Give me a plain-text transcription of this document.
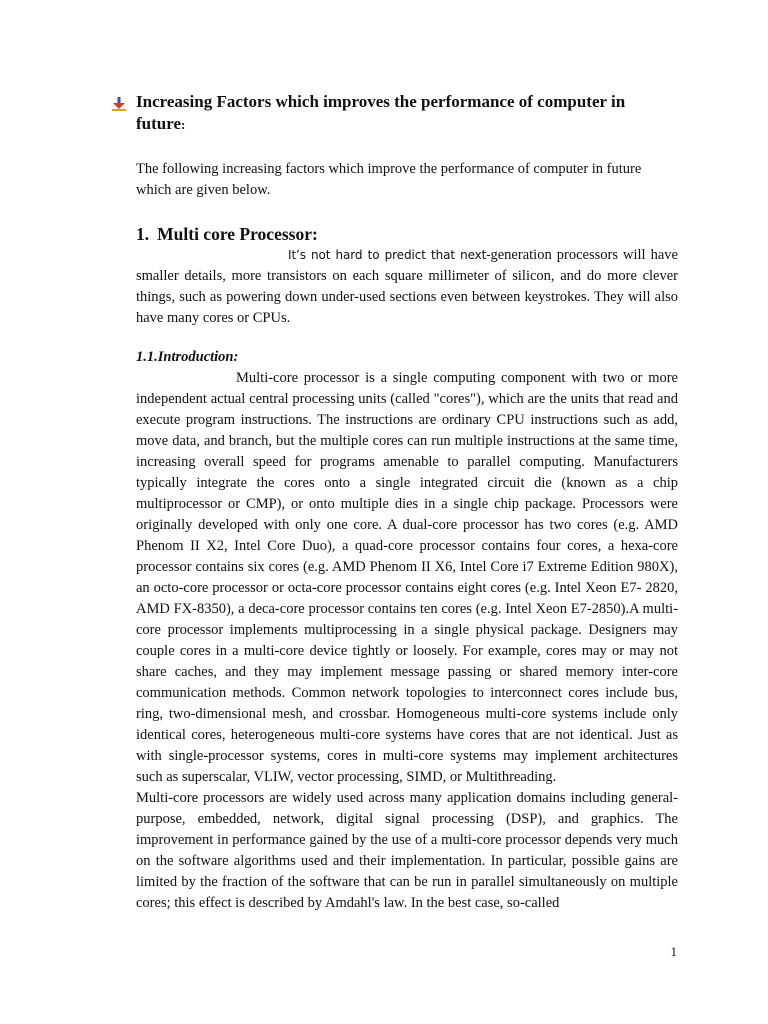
Increasing Factors which improves the performance of computer in future:

The following increasing factors which improve the performance of computer in future which are given below.

1. Multi core Processor:

It’s not hard to predict that next-generation processors will have smaller details, more transistors on each square millimeter of silicon, and do more clever things, such as powering down under-used sections even between keystrokes. They will also have many cores or CPUs.

1.1.Introduction:

Multi-core processor is a single computing component with two or more independent actual central processing units (called "cores"), which are the units that read and execute program instructions. The instructions are ordinary CPU instructions such as add, move data, and branch, but the multiple cores can run multiple instructions at the same time, increasing overall speed for programs amenable to parallel computing. Manufacturers typically integrate the cores onto a single integrated circuit die (known as a chip multiprocessor or CMP), or onto multiple dies in a single chip package. Processors were originally developed with only one core. A dual-core processor has two cores (e.g. AMD Phenom II X2, Intel Core Duo), a quad-core processor contains four cores, a hexa-core processor contains six cores (e.g. AMD Phenom II X6, Intel Core i7 Extreme Edition 980X), an octo-core processor or octa-core processor contains eight cores (e.g. Intel Xeon E7- 2820, AMD FX-8350), a deca-core processor contains ten cores (e.g. Intel Xeon E7-2850).A multi-core processor implements multiprocessing in a single physical package. Designers may couple cores in a multi-core device tightly or loosely. For example, cores may or may not share caches, and they may implement message passing or shared memory inter-core communication methods. Common network topologies to interconnect cores include bus, ring, two-dimensional mesh, and crossbar. Homogeneous multi-core systems include only identical cores, heterogeneous multi-core systems have cores that are not identical. Just as with single-processor systems, cores in multi-core systems may implement architectures such as superscalar, VLIW, vector processing, SIMD, or Multithreading.

Multi-core processors are widely used across many application domains including general-purpose, embedded, network, digital signal processing (DSP), and graphics. The improvement in performance gained by the use of a multi-core processor depends very much on the software algorithms used and their implementation. In particular, possible gains are limited by the fraction of the software that can be run in parallel simultaneously on multiple cores; this effect is described by Amdahl's law. In the best case, so-called

1
